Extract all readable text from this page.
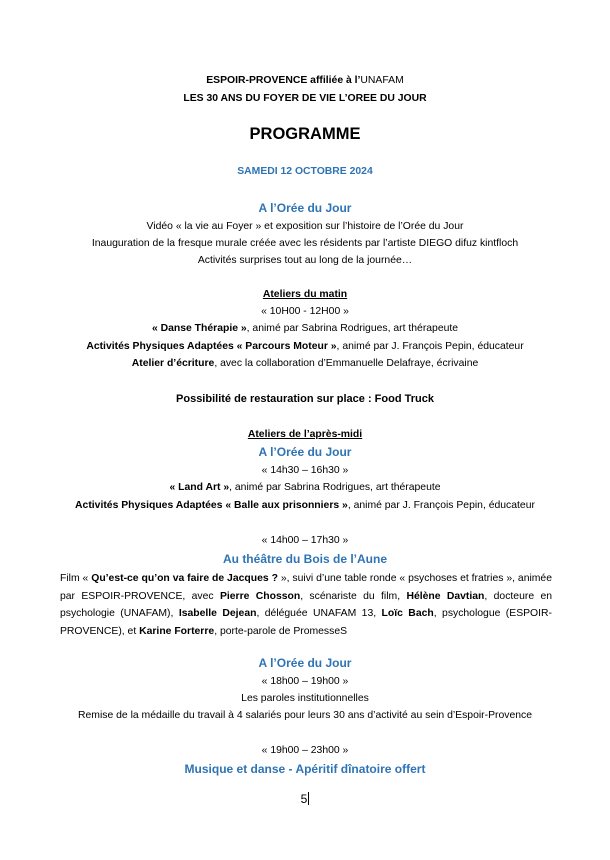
ESPOIR-PROVENCE affiliée à l’UNAFAM
LES 30 ANS DU FOYER DE VIE L’OREE DU JOUR
PROGRAMME
SAMEDI 12 OCTOBRE 2024
A l’Orée du Jour
Vidéo « la vie au Foyer » et exposition sur l’histoire de l’Orée du Jour
Inauguration de la fresque murale créée avec les résidents par l’artiste DIEGO difuz kintfloch
Activités surprises tout au long de la journée…
Ateliers du matin
« 10H00 - 12H00 »
« Danse Thérapie », animé par Sabrina Rodrigues, art thérapeute
Activités Physiques Adaptées « Parcours Moteur », animé par J. François Pepin, éducateur
Atelier d’écriture, avec la collaboration d’Emmanuelle Delafraye, écrivaine
Possibilité de restauration sur place : Food Truck
Ateliers de l’après-midi
A l’Orée du Jour
« 14h30 – 16h30 »
« Land Art », animé par Sabrina Rodrigues, art thérapeute
Activités Physiques Adaptées « Balle aux prisonniers », animé par J. François Pepin, éducateur
« 14h00 – 17h30 »
Au théâtre du Bois de l’Aune
Film « Qu’est-ce qu’on va faire de Jacques ? », suivi d’une table ronde « psychoses et fratries », animée par ESPOIR-PROVENCE, avec Pierre Chosson, scénariste du film, Hélène Davtian, docteure en psychologie (UNAFAM), Isabelle Dejean, déléguée UNAFAM 13, Loïc Bach, psychologue (ESPOIR-PROVENCE), et Karine Forterre, porte-parole de PromesseS
A l’Orée du Jour
« 18h00 – 19h00 »
Les paroles institutionnelles
Remise de la médaille du travail à 4 salariés pour leurs 30 ans d’activité au sein d’Espoir-Provence
« 19h00 – 23h00 »
Musique et danse - Apéritif dînatoire offert
5
